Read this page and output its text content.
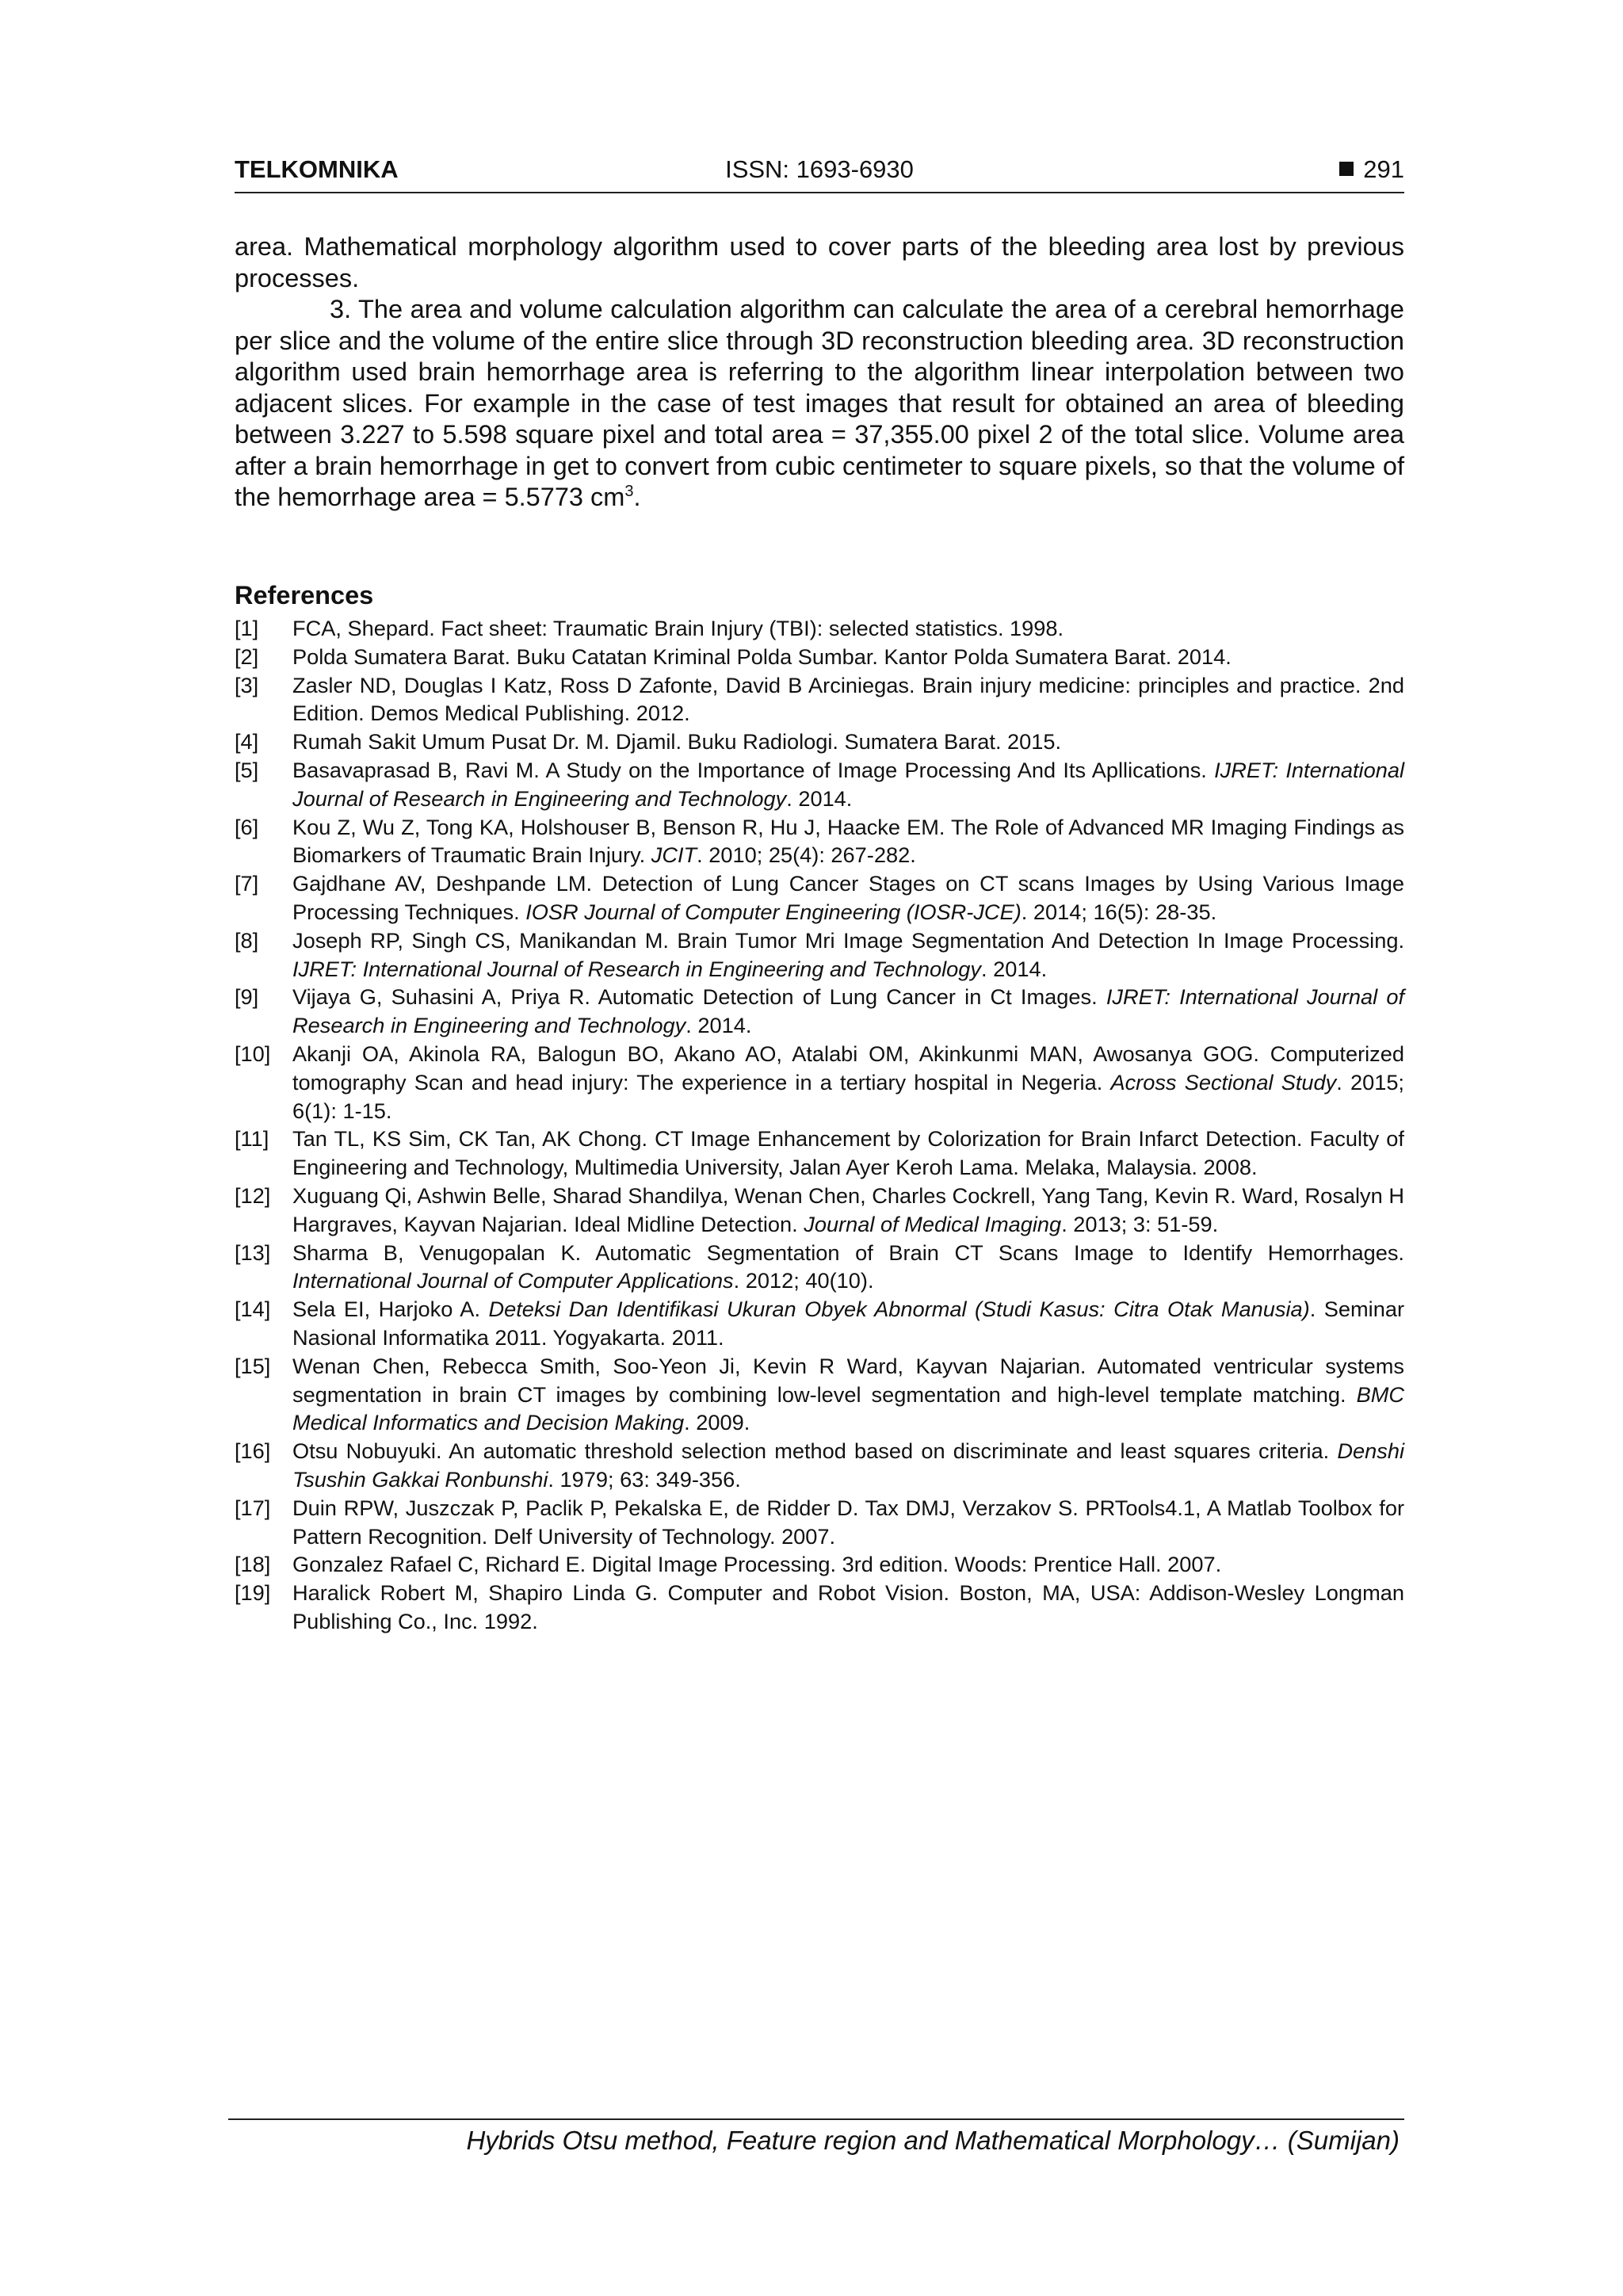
TELKOMNIKA	ISSN: 1693-6930	291

area. Mathematical morphology algorithm used to cover parts of the bleeding area lost by previous processes.

3. The area and volume calculation algorithm can calculate the area of a cerebral hemorrhage per slice and the volume of the entire slice through 3D reconstruction bleeding area. 3D reconstruction algorithm used brain hemorrhage area is referring to the algorithm linear interpolation between two adjacent slices. For example in the case of test images that result for obtained an area of bleeding between 3.227 to 5.598 square pixel and total area = 37,355.00 pixel 2 of the total slice. Volume area after a brain hemorrhage in get to convert from cubic centimeter to square pixels, so that the volume of the hemorrhage area = 5.5773 $cm^3$.

References
[1] FCA, Shepard. Fact sheet: Traumatic Brain Injury (TBI): selected statistics. 1998.
[2] Polda Sumatera Barat. Buku Catatan Kriminal Polda Sumbar. Kantor Polda Sumatera Barat. 2014.
[3] Zasler ND, Douglas I Katz, Ross D Zafonte, David B Arciniegas. Brain injury medicine: principles and practice. 2nd Edition. Demos Medical Publishing. 2012.
[4] Rumah Sakit Umum Pusat Dr. M. Djamil. Buku Radiologi. Sumatera Barat. 2015.
[5] Basavaprasad B, Ravi M. A Study on the Importance of Image Processing And Its Apllications. IJRET: International Journal of Research in Engineering and Technology. 2014.
[6] Kou Z, Wu Z, Tong KA, Holshouser B, Benson R, Hu J, Haacke EM. The Role of Advanced MR Imaging Findings as Biomarkers of Traumatic Brain Injury. JCIT. 2010; 25(4): 267-282.
[7] Gajdhane AV, Deshpande LM. Detection of Lung Cancer Stages on CT scans Images by Using Various Image Processing Techniques. IOSR Journal of Computer Engineering (IOSR-JCE). 2014; 16(5): 28-35.
[8] Joseph RP, Singh CS, Manikandan M. Brain Tumor Mri Image Segmentation And Detection In Image Processing. IJRET: International Journal of Research in Engineering and Technology. 2014.
[9] Vijaya G, Suhasini A, Priya R. Automatic Detection of Lung Cancer in Ct Images. IJRET: International Journal of Research in Engineering and Technology. 2014.
[10] Akanji OA, Akinola RA, Balogun BO, Akano AO, Atalabi OM, Akinkunmi MAN, Awosanya GOG. Computerized tomography Scan and head injury: The experience in a tertiary hospital in Negeria. Across Sectional Study. 2015; 6(1): 1-15.
[11] Tan TL, KS Sim, CK Tan, AK Chong. CT Image Enhancement by Colorization for Brain Infarct Detection. Faculty of Engineering and Technology, Multimedia University, Jalan Ayer Keroh Lama. Melaka, Malaysia. 2008.
[12] Xuguang Qi, Ashwin Belle, Sharad Shandilya, Wenan Chen, Charles Cockrell, Yang Tang, Kevin R. Ward, Rosalyn H Hargraves, Kayvan Najarian. Ideal Midline Detection. Journal of Medical Imaging. 2013; 3: 51-59.
[13] Sharma B, Venugopalan K. Automatic Segmentation of Brain CT Scans Image to Identify Hemorrhages. International Journal of Computer Applications. 2012; 40(10).
[14] Sela EI, Harjoko A. Deteksi Dan Identifikasi Ukuran Obyek Abnormal (Studi Kasus: Citra Otak Manusia). Seminar Nasional Informatika 2011. Yogyakarta. 2011.
[15] Wenan Chen, Rebecca Smith, Soo-Yeon Ji, Kevin R Ward, Kayvan Najarian. Automated ventricular systems segmentation in brain CT images by combining low-level segmentation and high-level template matching. BMC Medical Informatics and Decision Making. 2009.
[16] Otsu Nobuyuki. An automatic threshold selection method based on discriminate and least squares criteria. Denshi Tsushin Gakkai Ronbunshi. 1979; 63: 349-356.
[17] Duin RPW, Juszczak P, Paclik P, Pekalska E, de Ridder D. Tax DMJ, Verzakov S. PRTools4.1, A Matlab Toolbox for Pattern Recognition. Delf University of Technology. 2007.
[18] Gonzalez Rafael C, Richard E. Digital Image Processing. 3rd edition. Woods: Prentice Hall. 2007.
[19] Haralick Robert M, Shapiro Linda G. Computer and Robot Vision. Boston, MA, USA: Addison-Wesley Longman Publishing Co., Inc. 1992.
Hybrids Otsu method, Feature region and Mathematical Morphology… (Sumijan)
